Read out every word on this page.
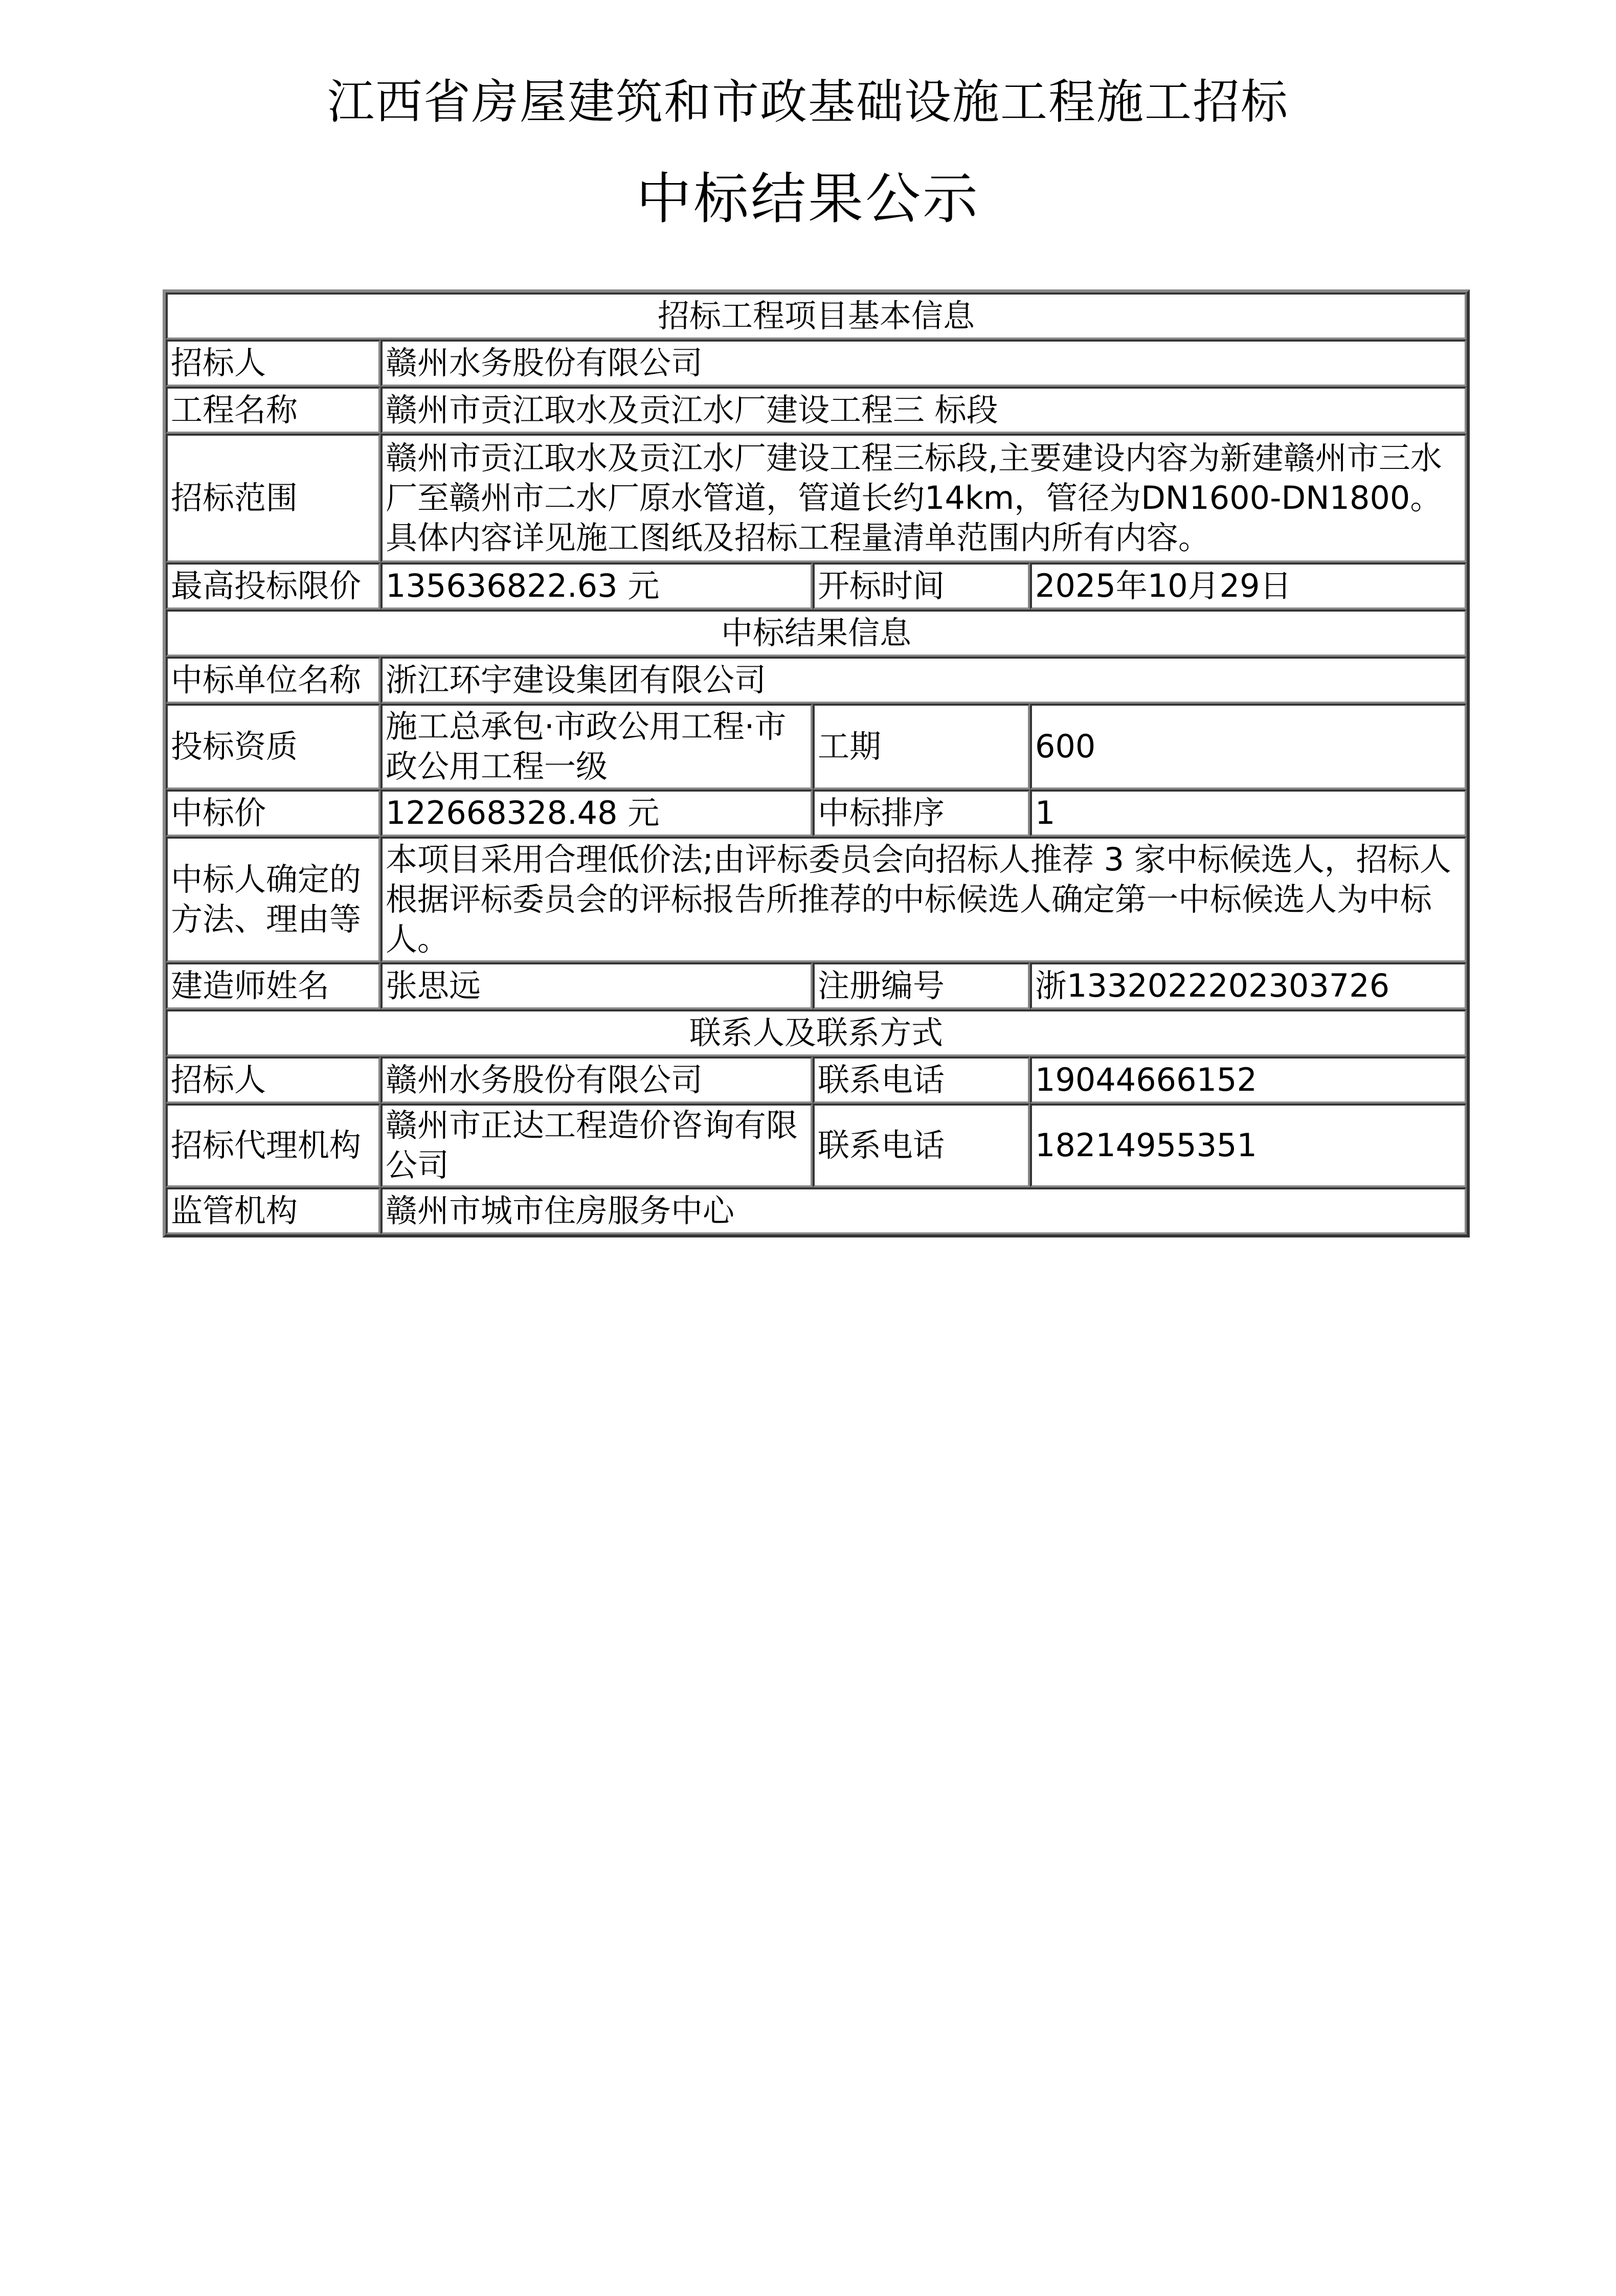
江西省房屋建筑和市政基础设施工程施工招标
中标结果公示
招标工程项目基本信息			
招标人	赣州水务股份有限公司		
工程名称	赣州市贡江取水及贡江水厂建设工程三 标段		
招标范围	赣州市贡江取水及贡江水厂建设工程三标段,主要建设内容为新建赣州市三水厂至赣州市二水厂原水管道，管道长约14km，管径为DN1600-DN1800。具体内容详见施工图纸及招标工程量清单范围内所有内容。		
最高投标限价	135636822.63 元	开标时间	2025年10月29日
中标结果信息			
中标单位名称	浙江环宇建设集团有限公司		
投标资质	施工总承包·市政公用工程·市政公用工程一级	工期	600
中标价	122668328.48 元	中标排序	1
中标人确定的方法、理由等	本项目采用合理低价法;由评标委员会向招标人推荐 3 家中标候选人，招标人根据评标委员会的评标报告所推荐的中标候选人确定第一中标候选人为中标人。		
建造师姓名	张思远	注册编号	浙1332022202303726
联系人及联系方式			
招标人	赣州水务股份有限公司	联系电话	19044666152
招标代理机构	赣州市正达工程造价咨询有限公司	联系电话	18214955351
监管机构	赣州市城市住房服务中心		
